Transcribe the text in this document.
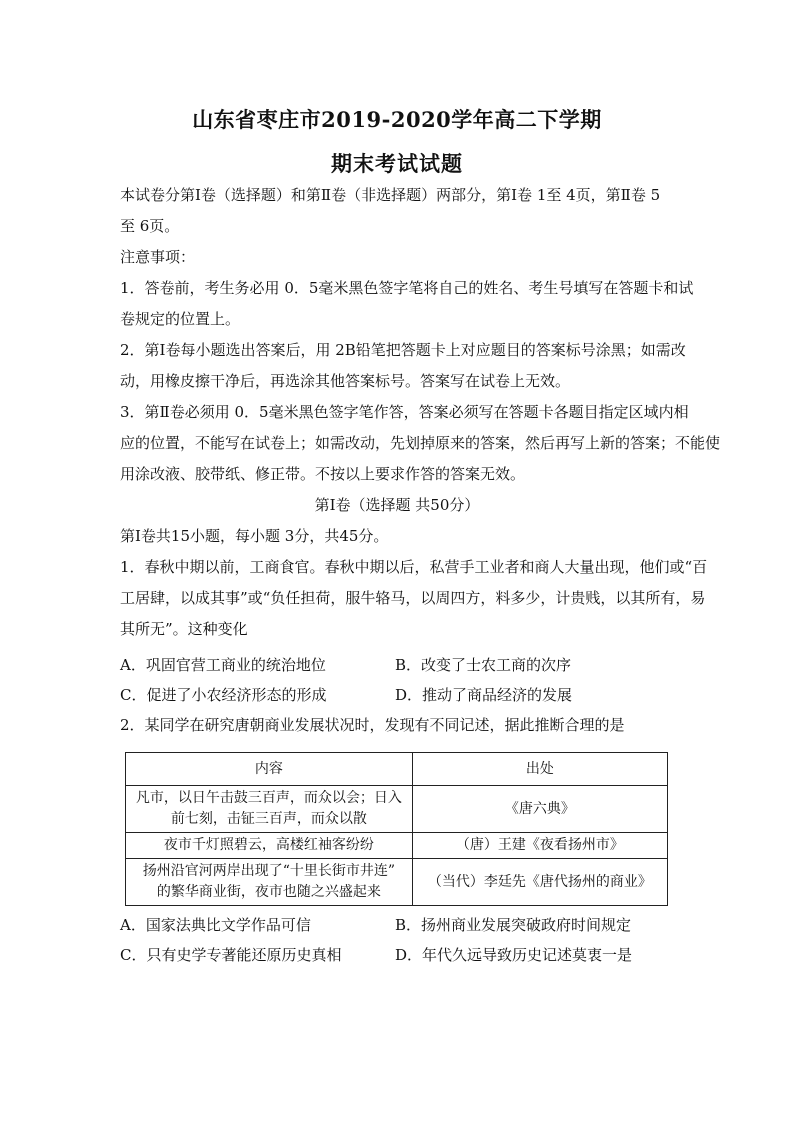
山东省枣庄市2019-2020学年高二下学期
期末考试试题
本试卷分第Ⅰ卷（选择题）和第Ⅱ卷（非选择题）两部分，第Ⅰ卷 1至 4页，第Ⅱ卷 5
至 6页。
注意事项：
1．答卷前，考生务必用 0．5毫米黑色签字笔将自己的姓名、考生号填写在答题卡和试
卷规定的位置上。
2．第Ⅰ卷每小题选出答案后，用 2B铅笔把答题卡上对应题目的答案标号涂黑；如需改
动，用橡皮擦干净后，再选涂其他答案标号。答案写在试卷上无效。
3．第Ⅱ卷必须用 0．5毫米黑色签字笔作答，答案必须写在答题卡各题目指定区域内相
应的位置，不能写在试卷上；如需改动，先划掉原来的答案，然后再写上新的答案；不能使
用涂改液、胶带纸、修正带。不按以上要求作答的答案无效。
第Ⅰ卷（选择题 共50分）
第Ⅰ卷共15小题，每小题 3分，共45分。
1．春秋中期以前，工商食官。春秋中期以后，私营手工业者和商人大量出现，他们或“百
工居肆，以成其事”或“负任担荷，服牛辂马，以周四方，料多少，计贵贱，以其所有，易
其所无”。这种变化
A．巩固官营工商业的统治地位	B．改变了士农工商的次序
C．促进了小农经济形态的形成	D．推动了商品经济的发展
2．某同学在研究唐朝商业发展状况时，发现有不同记述，据此推断合理的是
内容	出处

凡市，以日午击鼓三百声，而众以会；日入
前七刻，击钲三百声，而众以散	《唐六典》

夜市千灯照碧云，高楼红袖客纷纷	（唐）王建《夜看扬州市》

扬州沿官河两岸出现了“十里长街市井连”
的繁华商业街，夜市也随之兴盛起来	（当代）李廷先《唐代扬州的商业》
A．国家法典比文学作品可信	B．扬州商业发展突破政府时间规定
C．只有史学专著能还原历史真相	D．年代久远导致历史记述莫衷一是
